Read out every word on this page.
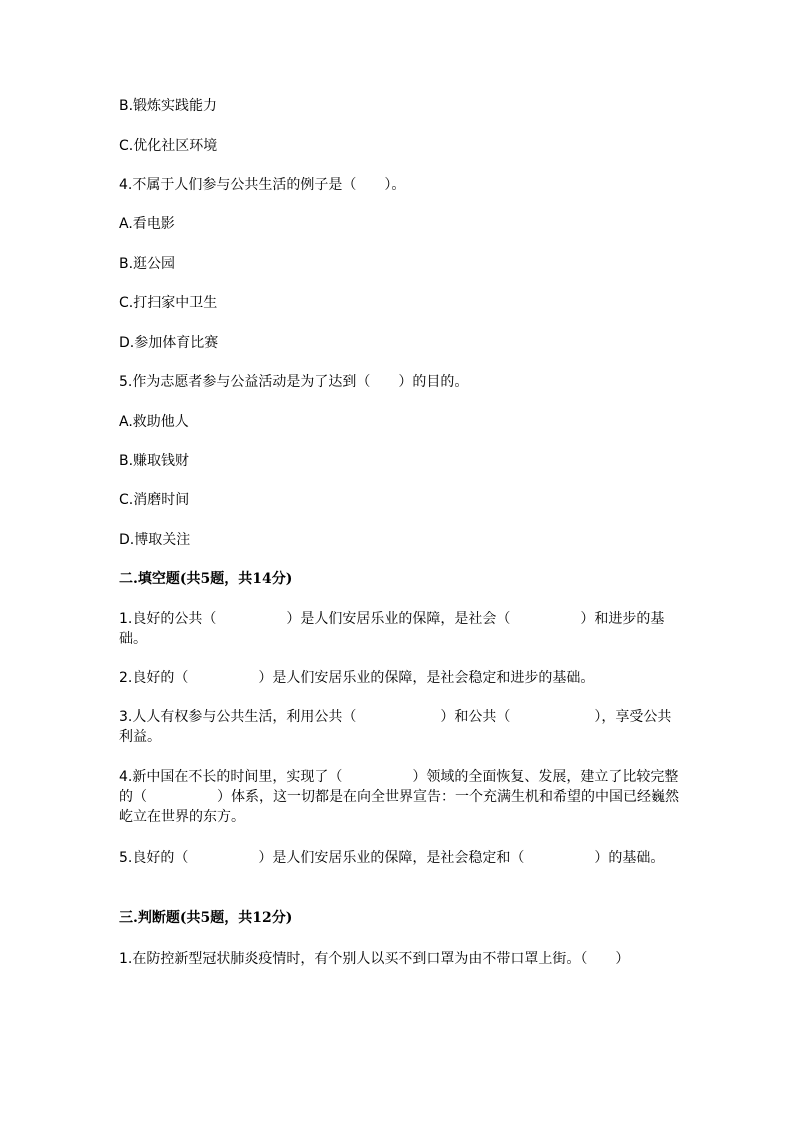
B.锻炼实践能力
C.优化社区环境
4.不属于人们参与公共生活的例子是（　　）。
A.看电影
B.逛公园
C.打扫家中卫生
D.参加体育比赛
5.作为志愿者参与公益活动是为了达到（　　）的目的。
A.救助他人
B.赚取钱财
C.消磨时间
D.博取关注
二.填空题(共5题，共14分)
1.良好的公共（　　　　　）是人们安居乐业的保障，是社会（　　　　　）和进步的基础。
2.良好的（　　　　　）是人们安居乐业的保障，是社会稳定和进步的基础。
3.人人有权参与公共生活，利用公共（　　　　　　）和公共（　　　　　　），享受公共利益。
4.新中国在不长的时间里，实现了（　　　　　）领域的全面恢复、发展，建立了比较完整的（　　　　　）体系，这一切都是在向全世界宣告：一个充满生机和希望的中国已经巍然屹立在世界的东方。
5.良好的（　　　　　）是人们安居乐业的保障，是社会稳定和（　　　　　）的基础。
三.判断题(共5题，共12分)
1.在防控新型冠状肺炎疫情时，有个别人以买不到口罩为由不带口罩上街。（　　）
